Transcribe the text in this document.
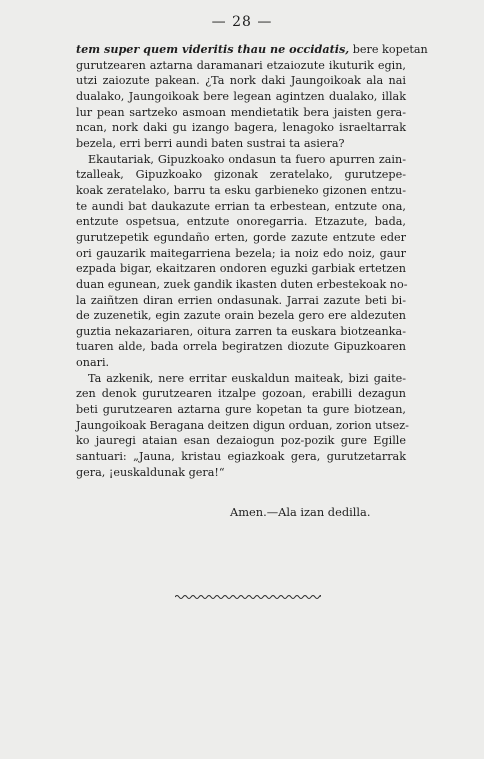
— 28 —

tem super quem videritis thau ne occidatis, bere kopetan
gurutzearen aztarna daramanari etzaiozute ikuturik egin,
utzi zaiozute pakean. ¿Ta nork daki Jaungoikoak ala nai
dualako, Jaungoikoak bere legean agintzen dualako, illak
lur pean sartzeko asmoan mendietatik bera jaisten gera-
ncan, nork daki gu izango bagera, lenagoko israeltarrak
bezela, erri berri aundi baten sustrai ta asiera?

Ekautariak, Gipuzkoako ondasun ta fuero apurren zain-
tzalleak, Gipuzkoako gizonak zeratelako, gurutzepe-
koak zeratelako, barru ta esku garbieneko gizonen entzu-
te aundi bat daukazute errian ta erbestean, entzute ona,
entzute ospetsua, entzute onoregarria. Etzazute, bada,
gurutzepetik egundaño erten, gorde zazute entzute eder
ori gauzarik maitegarriena bezela; ia noiz edo noiz, gaur
ezpada bigar, ekaitzaren ondoren eguzki garbiak ertetzen
duan egunean, zuek gandik ikasten duten erbestekoak no-
la zaiñtzen diran errien ondasunak. Jarrai zazute beti bi-
de zuzenetik, egin zazute orain bezela gero ere aldezuten
guztia nekazariaren, oitura zarren ta euskara biotzeanka-
tuaren alde, bada orrela begiratzen diozute Gipuzkoaren
onari.

Ta azkenik, nere erritar euskaldun maiteak, bizi gaite-
zen denok gurutzearen itzalpe gozoan, erabilli dezagun
beti gurutzearen aztarna gure kopetan ta gure biotzean,
Jaungoikoak Beragana deitzen digun orduan, zorion utsez-
ko jauregi ataian esan dezaiogun poz-pozik gure Egille
santuari: „Jauna, kristau egiazkoak gera, gurutzetarrak
gera, ¡euskaldunak gera!“

Amen.—Ala izan dedilla.
